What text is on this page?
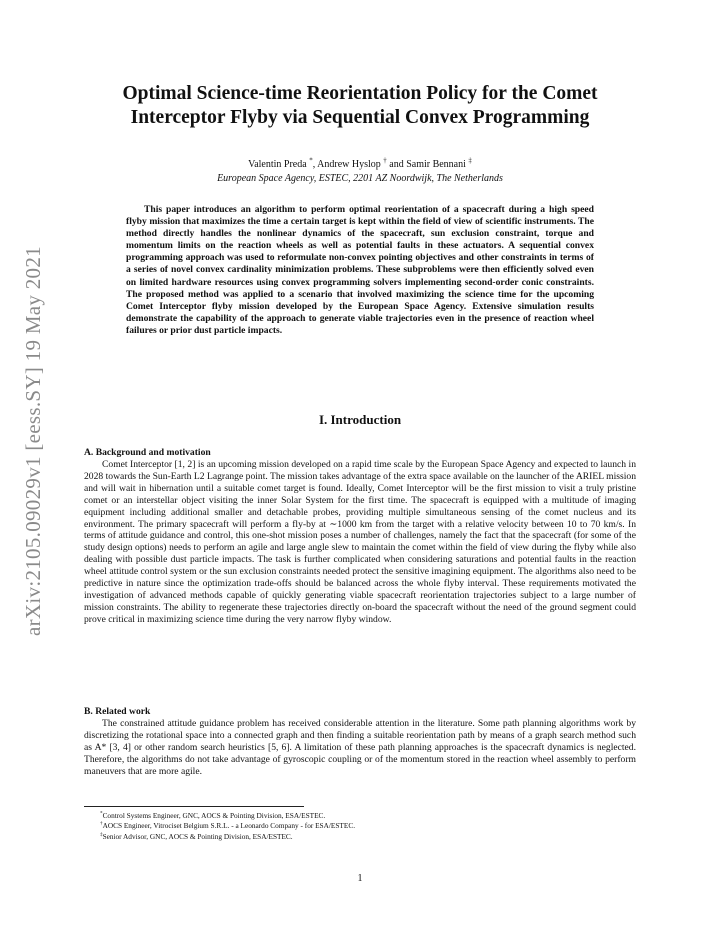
arXiv:2105.09029v1 [eess.SY] 19 May 2021
Optimal Science-time Reorientation Policy for the Comet
Interceptor Flyby via Sequential Convex Programming
Valentin Preda *, Andrew Hyslop † and Samir Bennani ‡
European Space Agency, ESTEC, 2201 AZ Noordwijk, The Netherlands
This paper introduces an algorithm to perform optimal reorientation of a spacecraft during a high speed flyby mission that maximizes the time a certain target is kept within the field of view of scientific instruments. The method directly handles the nonlinear dynamics of the spacecraft, sun exclusion constraint, torque and momentum limits on the reaction wheels as well as potential faults in these actuators. A sequential convex programming approach was used to reformulate non-convex pointing objectives and other constraints in terms of a series of novel convex cardinality minimization problems. These subproblems were then efficiently solved even on limited hardware resources using convex programming solvers implementing second-order conic constraints. The proposed method was applied to a scenario that involved maximizing the science time for the upcoming Comet Interceptor flyby mission developed by the European Space Agency. Extensive simulation results demonstrate the capability of the approach to generate viable trajectories even in the presence of reaction wheel failures or prior dust particle impacts.
I. Introduction
A. Background and motivation
Comet Interceptor [1, 2] is an upcoming mission developed on a rapid time scale by the European Space Agency and expected to launch in 2028 towards the Sun-Earth L2 Lagrange point. The mission takes advantage of the extra space available on the launcher of the ARIEL mission and will wait in hibernation until a suitable comet target is found. Ideally, Comet Interceptor will be the first mission to visit a truly pristine comet or an interstellar object visiting the inner Solar System for the first time. The spacecraft is equipped with a multitude of imaging equipment including additional smaller and detachable probes, providing multiple simultaneous sensing of the comet nucleus and its environment. The primary spacecraft will perform a fly-by at ∼1000 km from the target with a relative velocity between 10 to 70 km/s. In terms of attitude guidance and control, this one-shot mission poses a number of challenges, namely the fact that the spacecraft (for some of the study design options) needs to perform an agile and large angle slew to maintain the comet within the field of view during the flyby while also dealing with possible dust particle impacts. The task is further complicated when considering saturations and potential faults in the reaction wheel attitude control system or the sun exclusion constraints needed protect the sensitive imagining equipment. The algorithms also need to be predictive in nature since the optimization trade-offs should be balanced across the whole flyby interval. These requirements motivated the investigation of advanced methods capable of quickly generating viable spacecraft reorientation trajectories subject to a large number of mission constraints. The ability to regenerate these trajectories directly on-board the spacecraft without the need of the ground segment could prove critical in maximizing science time during the very narrow flyby window.
B. Related work
The constrained attitude guidance problem has received considerable attention in the literature. Some path planning algorithms work by discretizing the rotational space into a connected graph and then finding a suitable reorientation path by means of a graph search method such as A* [3, 4] or other random search heuristics [5, 6]. A limitation of these path planning approaches is the spacecraft dynamics is neglected. Therefore, the algorithms do not take advantage of gyroscopic coupling or of the momentum stored in the reaction wheel assembly to perform maneuvers that are more agile.
*Control Systems Engineer, GNC, AOCS & Pointing Division, ESA/ESTEC.
†AOCS Engineer, Vitrociset Belgium S.R.L. - a Leonardo Company - for ESA/ESTEC.
‡Senior Advisor, GNC, AOCS & Pointing Division, ESA/ESTEC.
1
